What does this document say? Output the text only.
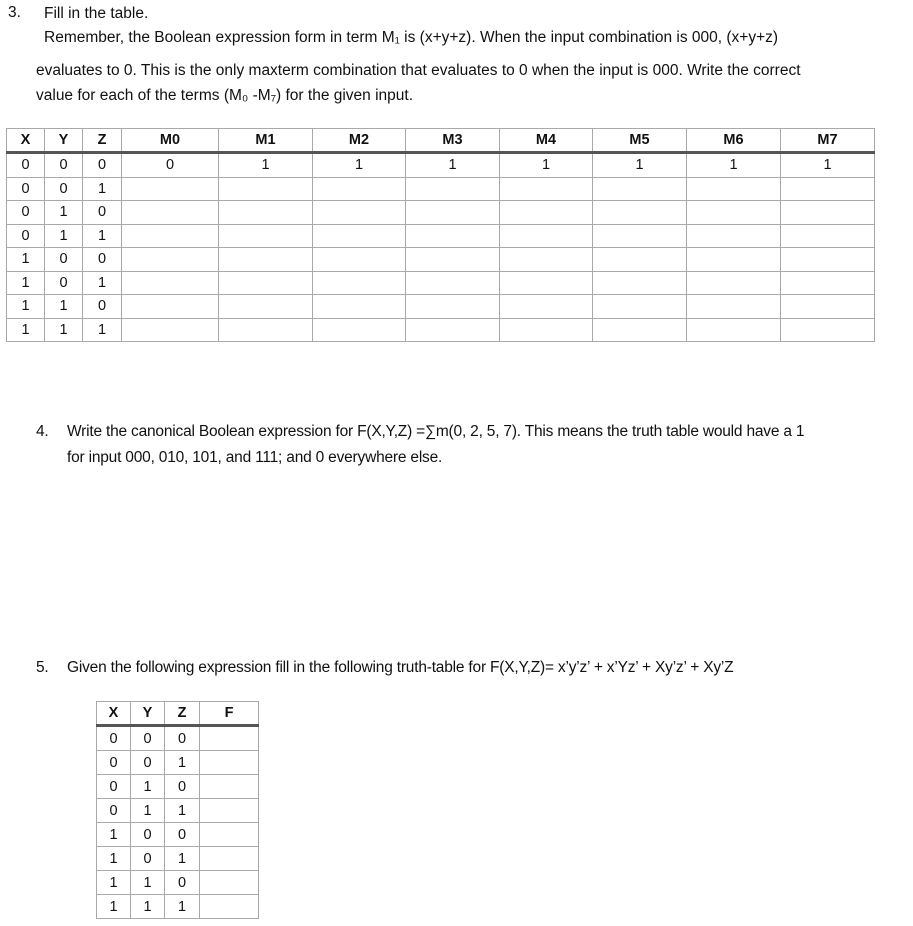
3. Fill in the table.
Remember, the Boolean expression form in term M₁ is (x+y+z). When the input combination is 000, (x+y+z)
evaluates to 0. This is the only maxterm combination that evaluates to 0 when the input is 000. Write the correct
value for each of the terms (M₀ -M₇) for the given input.
X	Y	Z	M0	M1	M2	M3	M4	M5	M6	M7
0	0	0	0	1	1	1	1	1	1	1
0	0	1								
0	1	0								
0	1	1								
1	0	0								
1	0	1								
1	1	0								
1	1	1								
4. Write the canonical Boolean expression for F(X,Y,Z) =∑m(0, 2, 5, 7). This means the truth table would have a 1
for input 000, 010, 101, and 111; and 0 everywhere else.
5. Given the following expression fill in the following truth-table for F(X,Y,Z)= x’y’z’ + x’Yz’ + Xy’z’ + Xy’Z
X	Y	Z	F
0	0	0	
0	0	1	
0	1	0	
0	1	1	
1	0	0	
1	0	1	
1	1	0	
1	1	1	
